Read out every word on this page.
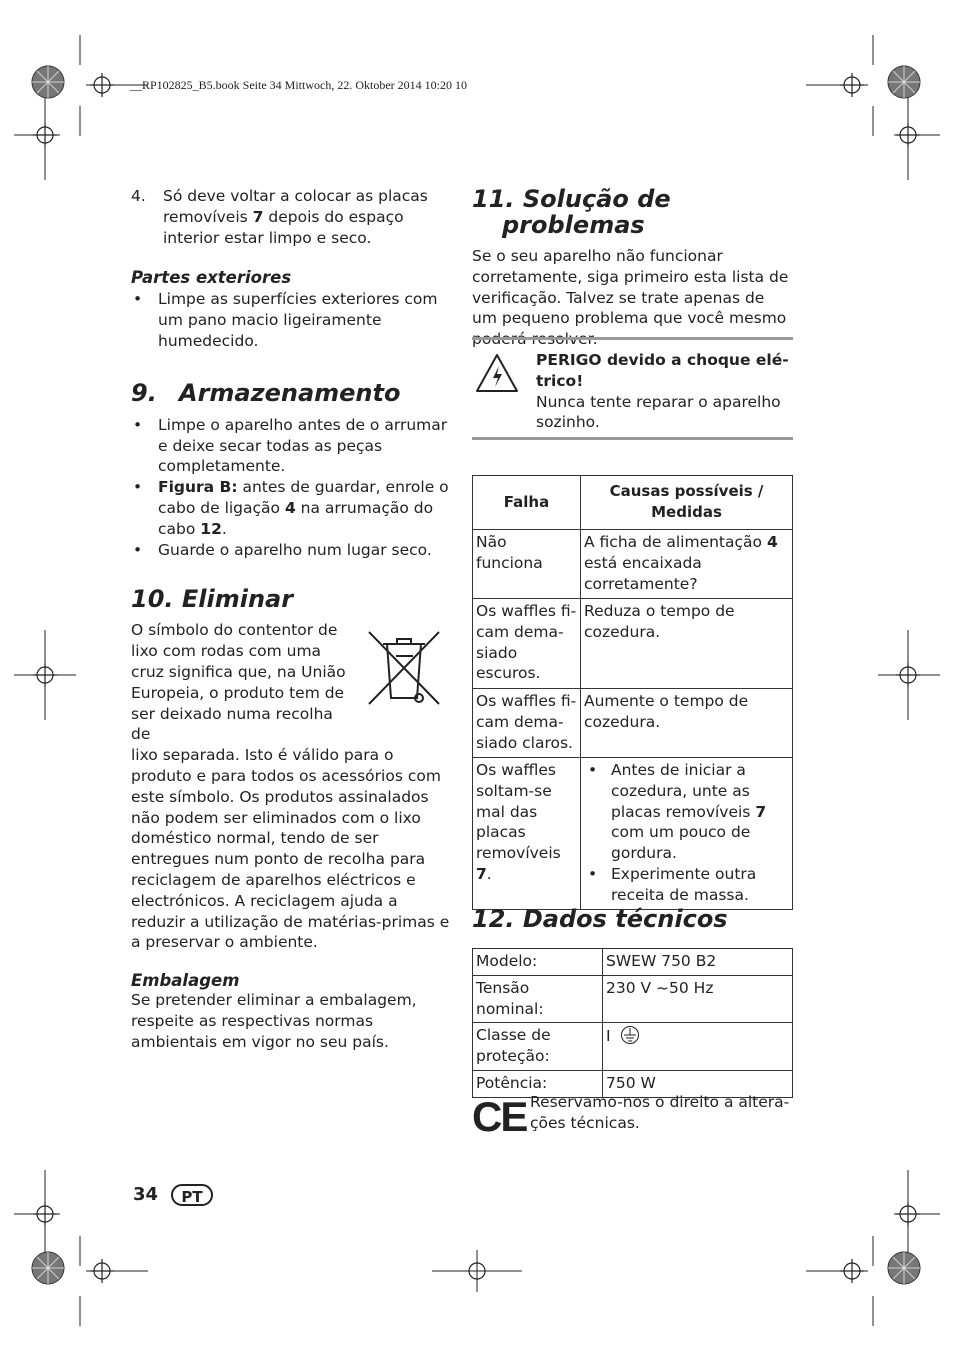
__RP102825_B5.book Seite 34 Mittwoch, 22. Oktober 2014 10:20 10
4. Só deve voltar a colocar as placas removíveis 7 depois do espaço interior estar limpo e seco.
Partes exteriores
• Limpe as superfícies exteriores com um pano macio ligeiramente humedecido.
9. Armazenamento
• Limpe o aparelho antes de o arrumar e deixe secar todas as peças completamente.
• Figura B: antes de guardar, enrole o cabo de ligação 4 na arrumação do cabo 12.
• Guarde o aparelho num lugar seco.
10. Eliminar
O símbolo do contentor de lixo com rodas com uma cruz significa que, na União Europeia, o produto tem de ser deixado numa recolha de
lixo separada. Isto é válido para o produto e para todos os acessórios com este símbolo. Os produtos assinalados não podem ser eliminados com o lixo doméstico normal, tendo de ser entregues num ponto de recolha para reciclagem de aparelhos eléctricos e electrónicos. A reciclagem ajuda a reduzir a utilização de matérias-primas e a preservar o ambiente.
Embalagem
Se pretender eliminar a embalagem, respeite as respectivas normas ambientais em vigor no seu país.
34	PT
11. Solução de
problemas
Se o seu aparelho não funcionar corretamente, siga primeiro esta lista de verificação. Talvez se trate apenas de um pequeno problema que você mesmo
PERIGO devido a choque elétrico!
Nunca tente reparar o aparelho sozinho.
Falha	Causas possíveis / Medidas
Não funciona	A ficha de alimentação 4 está encaixada corretamente?
Os waffles ficam demasiado escuros.	Reduza o tempo de cozedura.
Os waffles ficam demasiado claros.	Aumente o tempo de cozedura.
Os waffles soltam-se mal das placas removíveis 7.	• Antes de iniciar a cozedura, unte as placas removíveis 7 com um pouco de gordura.
• Experimente outra receita de massa.
12. Dados técnicos
Modelo:	SWEW 750 B2
Tensão nominal:	230 V ~50 Hz
Classe de proteção:	I
Potência:	750 W
CE Reservamo-nos o direito a alterações técnicas.
